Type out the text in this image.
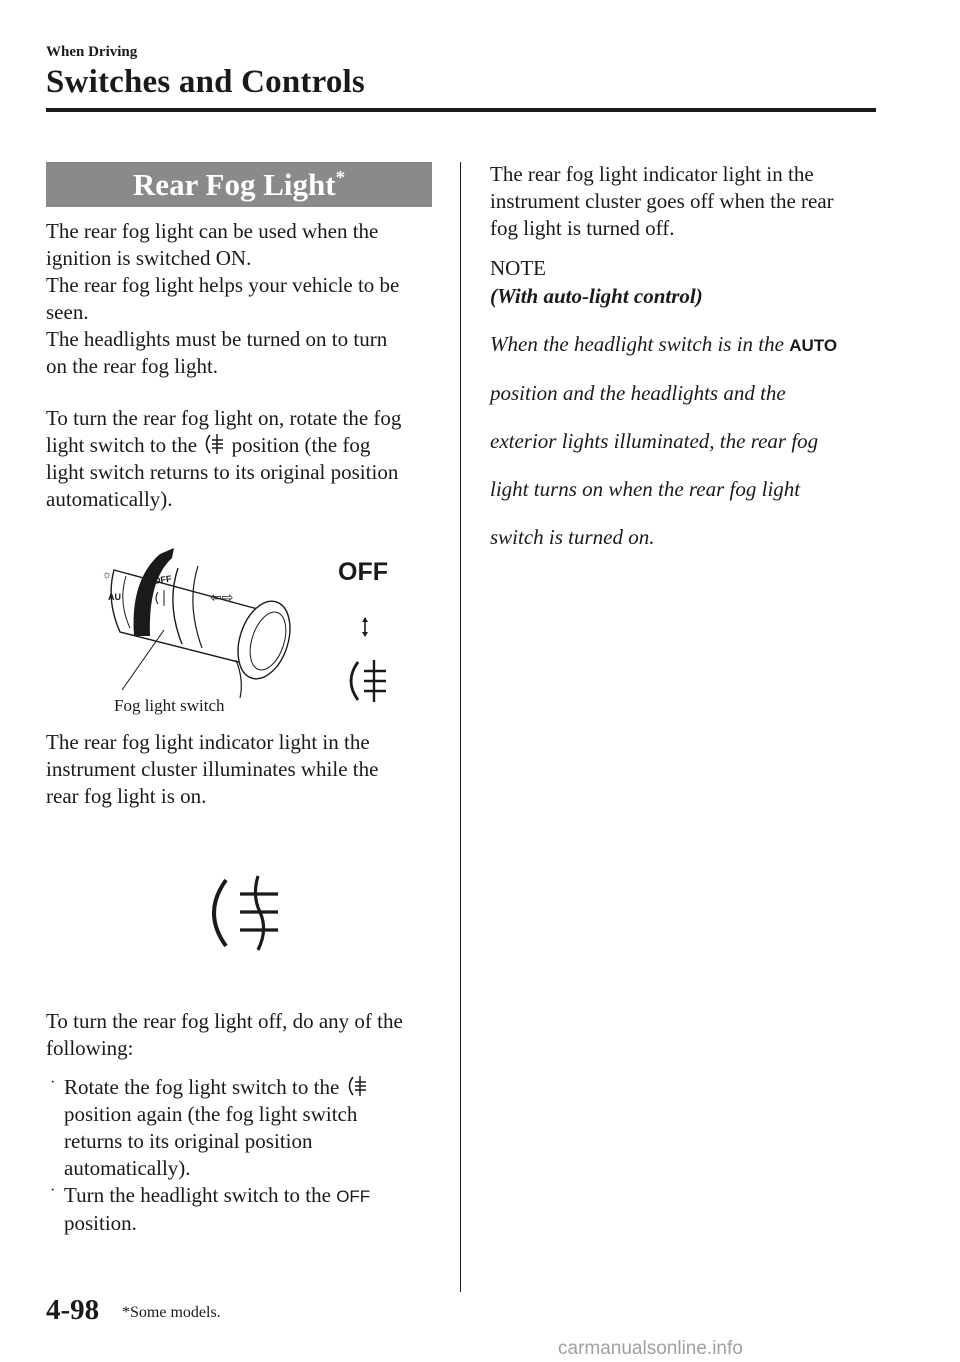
When Driving
Switches and Controls
Rear Fog Light*

The rear fog light can be used when the

ignition is switched ON.

The rear fog light helps your vehicle to be

seen.

The headlights must be turned on to turn

on the rear fog light.

To turn the rear fog light on, rotate the fog

light switch to the position (the fog

light switch returns to its original position

automatically).

☼
AU
OFF
⇦⇨
Fog light switch
OFF

The rear fog light indicator light in the

instrument cluster illuminates while the

rear fog light is on.

To turn the rear fog light off, do any of the

following:

· Rotate the fog light switch to the

position again (the fog light switch

returns to its original position

automatically).

· Turn the headlight switch to the OFF

position.

The rear fog light indicator light in the

instrument cluster goes off when the rear

fog light is turned off.

NOTE
(With auto-light control)

When the headlight switch is in the AUTO

position and the headlights and the

exterior lights illuminated, the rear fog

light turns on when the rear fog light

switch is turned on.

4-98 *Some models.
carmanualsonline.info
